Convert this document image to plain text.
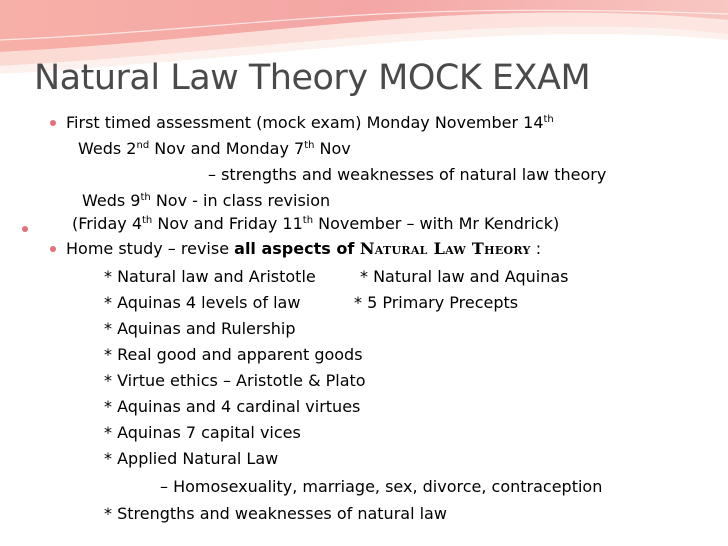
Natural Law Theory MOCK EXAM
First timed assessment (mock exam) Monday November 14th
Weds 2nd Nov and Monday 7th Nov
– strengths and weaknesses of natural law theory
Weds 9th Nov - in class revision
(Friday 4th Nov and Friday 11th November – with Mr Kendrick)
Home study – revise all aspects of Natural Law Theory :
* Natural law and Aristotle	* Natural law and Aquinas
* Aquinas 4 levels of law	* 5 Primary Precepts
* Aquinas and Rulership
* Real good and apparent goods
* Virtue ethics – Aristotle & Plato
* Aquinas and 4 cardinal virtues
* Aquinas 7 capital vices
* Applied Natural Law
– Homosexuality, marriage, sex, divorce, contraception
* Strengths and weaknesses of natural law
